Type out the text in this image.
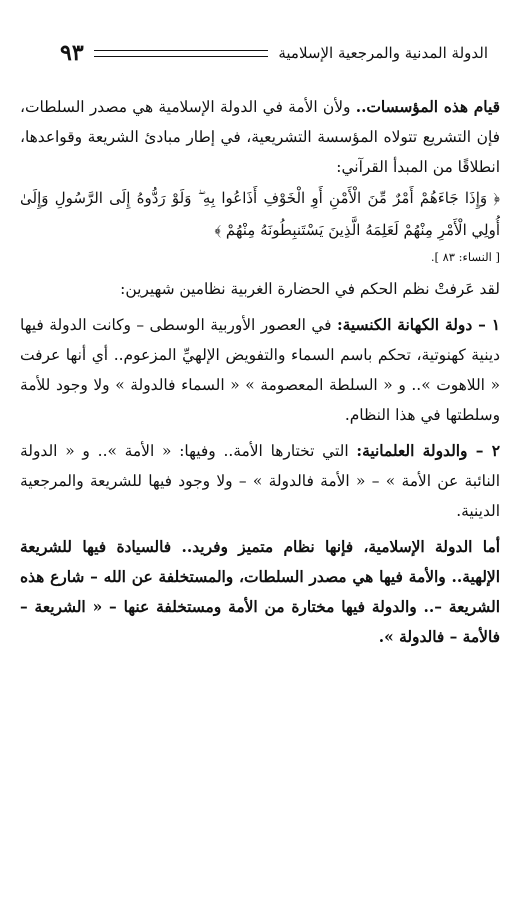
الدولة المدنية والمرجعية الإسلامية
٩٣

قيام هذه المؤسسات.. ولأن الأمة في الدولة الإسلامية هي مصدر السلطات، فإن التشريع تتولاه المؤسسة التشريعية، في إطار مبادئ الشريعة وقواعدها، انطلاقًا من المبدأ القرآني:

﴿ وَإِذَا جَاءَهُمْ أَمْرٌ مِّنَ الْأَمْنِ أَوِ الْخَوْفِ أَذَاعُوا بِهِ ۖ وَلَوْ رَدُّوهُ إِلَى الرَّسُولِ وَإِلَىٰ أُولِي الْأَمْرِ مِنْهُمْ لَعَلِمَهُ الَّذِينَ يَسْتَنبِطُونَهُ مِنْهُمْ ﴾

[ النساء: ٨٣ ].

لقد عَرفتْ نظم الحكم في الحضارة الغربية نظامين شهيرين:

١ – دولة الكهانة الكنسية: في العصور الأوربية الوسطى – وكانت الدولة فيها دينية كهنوتية، تحكم باسم السماء والتفويض الإلهيِّ المزعوم.. أي أنها عرفت « اللاهوت ».. و « السلطة المعصومة » « السماء فالدولة » ولا وجود للأمة وسلطتها في هذا النظام.

٢ – والدولة العلمانية: التي تختارها الأمة.. وفيها: « الأمة ».. و « الدولة النائبة عن الأمة » – « الأمة فالدولة » – ولا وجود فيها للشريعة والمرجعية الدينية.

أما الدولة الإسلامية، فإنها نظام متميز وفريد.. فالسيادة فيها للشريعة الإلهية.. والأمة فيها هي مصدر السلطات، والمستخلفة عن الله – شارع هذه الشريعة –.. والدولة فيها مختارة من الأمة ومستخلفة عنها – « الشريعة – فالأمة – فالدولة ».
